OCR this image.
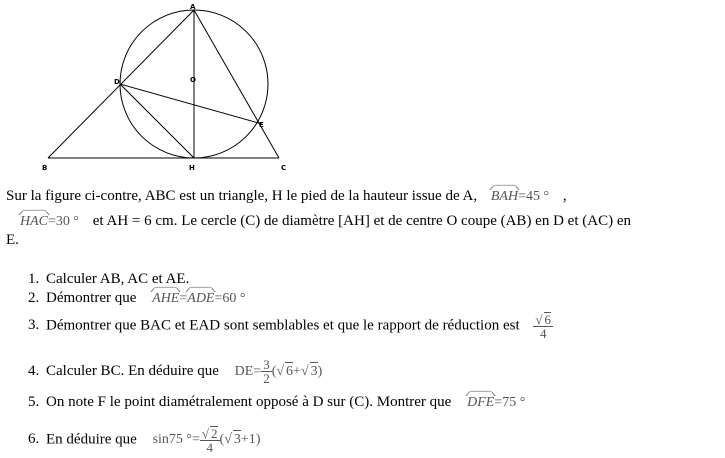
A
B	C
D
E
H
O
Sur la figure ci-contre, ABC est un triangle, H le pied de la hauteur issue de A, BAH=45 ° ,
HAC=30 ° et AH = 6 cm. Le cercle (C) de diamètre [AH] et de centre O coupe (AB) en D et (AC) en
E.
1. Calculer AB, AC et AE.
2. Démontrer que AHE=ADE=60 °
3. Démontrer que BAC et EAD sont semblables et que le rapport de réduction est √ $\frac{6}{4}$
4. Calculer BC. En déduire que $DE= \frac{3}{2}$ ( √ 6+ √ 3)
5. On note F le point diamétralement opposé à D sur (C). Montrer que DFE=75 °
6. En déduire que sin75 °= √ $\frac{2}{4}$ ( √ 3+1)
